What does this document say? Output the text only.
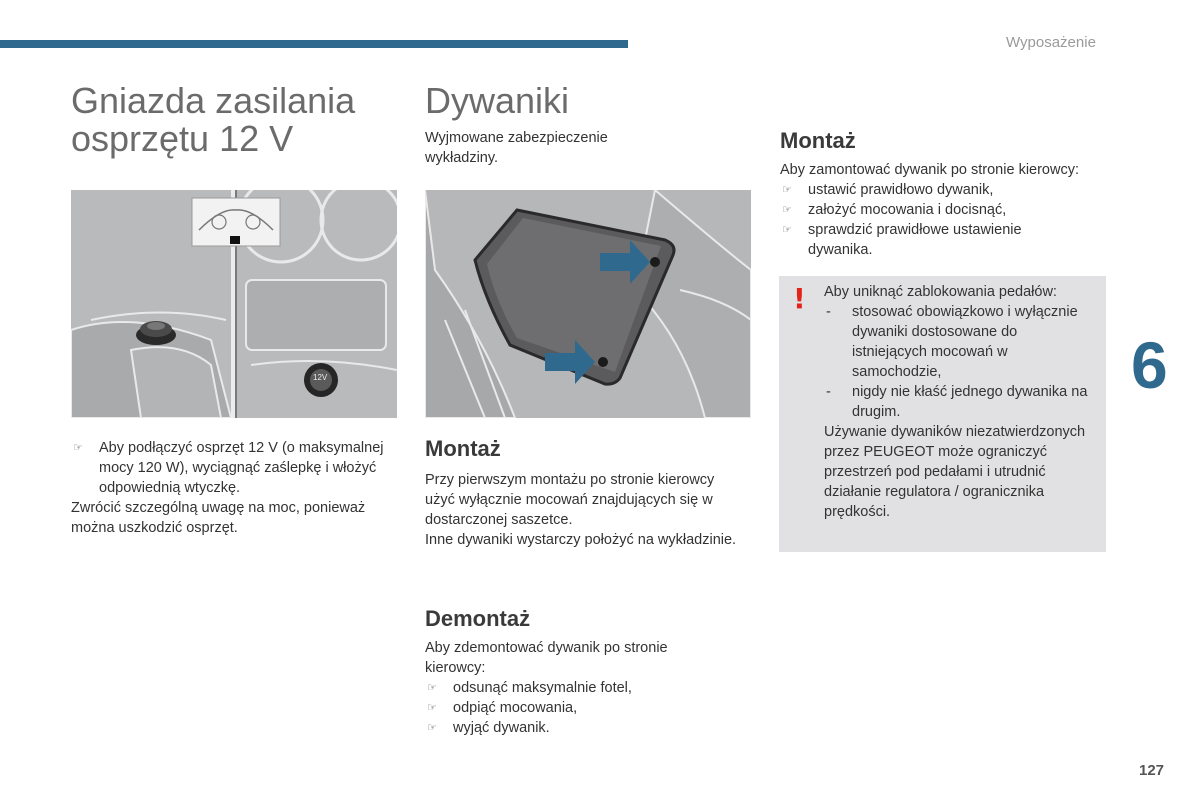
Wyposażenie
Gniazda zasilania
osprzętu 12 V
12V
☞ Aby podłączyć osprzęt 12 V (o maksymalnej mocy 120 W), wyciągnąć zaślepkę i włożyć odpowiednią wtyczkę.

Zwrócić szczególną uwagę na moc, ponieważ można uszkodzić osprzęt.

Dywaniki
Wyjmowane zabezpieczenie wykładziny.
Montaż

Przy pierwszym montażu po stronie kierowcy użyć wyłącznie mocowań znajdujących się w dostarczonej saszetce.

Inne dywaniki wystarczy położyć na wykładzinie.

Demontaż

Aby zdemontować dywanik po stronie kierowcy:

☞ odsunąć maksymalnie fotel,
☞ odpiąć mocowania,
☞ wyjąć dywanik.
Montaż

Aby zamontować dywanik po stronie kierowcy:

☞ ustawić prawidłowo dywanik,
☞ założyć mocowania i docisnąć,
☞ sprawdzić prawidłowe ustawienie dywanika.
! Aby uniknąć zablokowania pedałów:

- stosować obowiązkowo i wyłącznie dywaniki dostosowane do istniejących mocowań w samochodzie,
- nigdy nie kłaść jednego dywanika na drugim.

Używanie dywaników niezatwierdzonych przez PEUGEOT może ograniczyć przestrzeń pod pedałami i utrudnić działanie regulatora / ogranicznika prędkości.

6
127
